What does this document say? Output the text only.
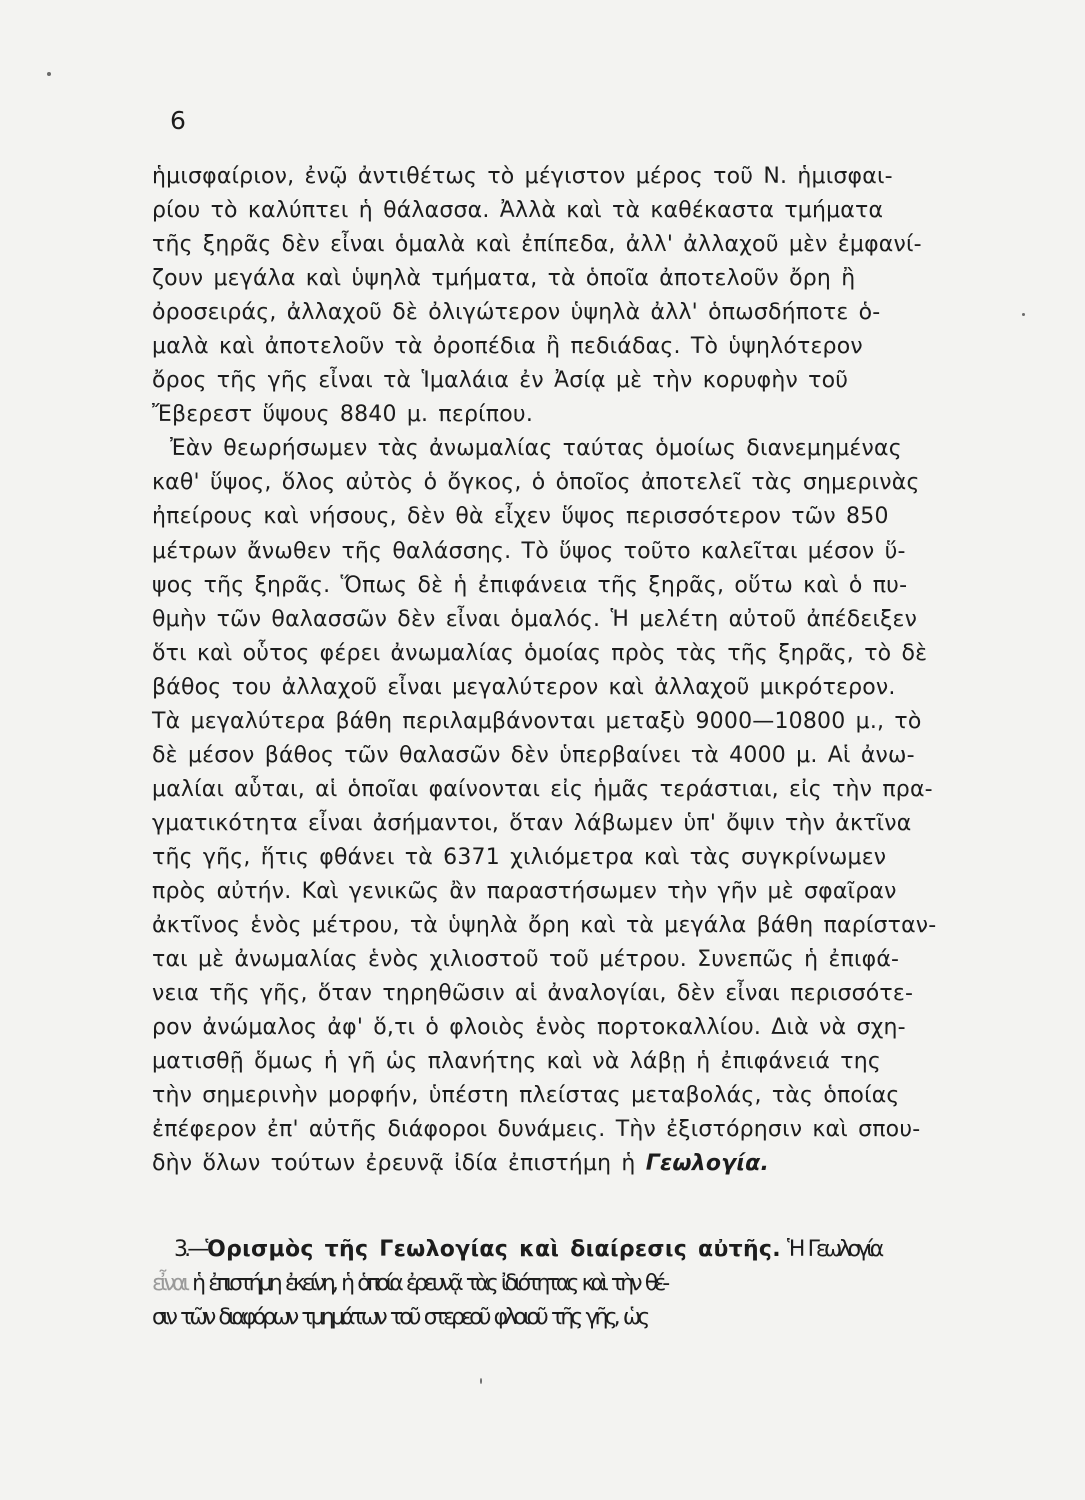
6
ἡμισφαίριον, ἐνῷ ἀντιθέτως τὸ μέγιστον μέρος τοῦ Ν. ἡμισφαι-
ρίου τὸ καλύπτει ἡ θάλασσα. Ἀλλὰ καὶ τὰ καθέκαστα τμήματα
τῆς ξηρᾶς δὲν εἶναι ὁμαλὰ καὶ ἐπίπεδα, ἀλλ' ἀλλαχοῦ μὲν ἐμφανί-
ζουν μεγάλα καὶ ὑψηλὰ τμήματα, τὰ ὁποῖα ἀποτελοῦν ὄρη ἢ
ὀροσειράς, ἀλλαχοῦ δὲ ὀλιγώτερον ὑψηλὰ ἀλλ' ὁπωσδήποτε ὁ-
μαλὰ καὶ ἀποτελοῦν τὰ ὀροπέδια ἢ πεδιάδας. Τὸ ὑψηλότερον
ὄρος τῆς γῆς εἶναι τὰ Ἱμαλάια ἐν Ἀσίᾳ μὲ τὴν κορυφὴν τοῦ
Ἔβερεστ ὕψους 8840 μ. περίπου.
Ἐὰν θεωρήσωμεν τὰς ἀνωμαλίας ταύτας ὁμοίως διανεμημένας
καθ' ὕψος, ὅλος αὐτὸς ὁ ὄγκος, ὁ ὁποῖος ἀποτελεῖ τὰς σημερινὰς
ἠπείρους καὶ νήσους, δὲν θὰ εἶχεν ὕψος περισσότερον τῶν 850
μέτρων ἄνωθεν τῆς θαλάσσης. Τὸ ὕψος τοῦτο καλεῖται μέσον ὕ-
ψος τῆς ξηρᾶς. Ὅπως δὲ ἡ ἐπιφάνεια τῆς ξηρᾶς, οὕτω καὶ ὁ πυ-
θμὴν τῶν θαλασσῶν δὲν εἶναι ὁμαλός. Ἡ μελέτη αὐτοῦ ἀπέδειξεν
ὅτι καὶ οὗτος φέρει ἀνωμαλίας ὁμοίας πρὸς τὰς τῆς ξηρᾶς, τὸ δὲ
βάθος του ἀλλαχοῦ εἶναι μεγαλύτερον καὶ ἀλλαχοῦ μικρότερον.
Τὰ μεγαλύτερα βάθη περιλαμβάνονται μεταξὺ 9000—10800 μ., τὸ
δὲ μέσον βάθος τῶν θαλασῶν δὲν ὑπερβαίνει τὰ 4000 μ. Αἱ ἀνω-
μαλίαι αὗται, αἱ ὁποῖαι φαίνονται εἰς ἡμᾶς τεράστιαι, εἰς τὴν πρα-
γματικότητα εἶναι ἀσήμαντοι, ὅταν λάβωμεν ὑπ' ὄψιν τὴν ἀκτῖνα
τῆς γῆς, ἥτις φθάνει τὰ 6371 χιλιόμετρα καὶ τὰς συγκρίνωμεν
πρὸς αὐτήν. Καὶ γενικῶς ἂν παραστήσωμεν τὴν γῆν μὲ σφαῖραν
ἀκτῖνος ἑνὸς μέτρου, τὰ ὑψηλὰ ὄρη καὶ τὰ μεγάλα βάθη παρίσταν-
ται μὲ ἀνωμαλίας ἑνὸς χιλιοστοῦ τοῦ μέτρου. Συνεπῶς ἡ ἐπιφά-
νεια τῆς γῆς, ὅταν τηρηθῶσιν αἱ ἀναλογίαι, δὲν εἶναι περισσότε-
ρον ἀνώμαλος ἀφ' ὅ,τι ὁ φλοιὸς ἑνὸς πορτοκαλλίου. Διὰ νὰ σχη-
ματισθῇ ὅμως ἡ γῆ ὡς πλανήτης καὶ νὰ λάβῃ ἡ ἐπιφάνειά της
τὴν σημερινὴν μορφήν, ὑπέστη πλείστας μεταβολάς, τὰς ὁποίας
ἐπέφερον ἐπ' αὐτῆς διάφοροι δυνάμεις. Τὴν ἐξιστόρησιν καὶ σπου-
δὴν ὅλων τούτων ἐρευνᾷ ἰδία ἐπιστήμη ἡ Γεωλογία.
3.—Ὁρισμὸς τῆς Γεωλογίας καὶ διαίρεσις αὐτῆς. Ἡ Γεωλογία
εἶναι ἡ ἐπιστήμη ἐκείνη, ἡ ὁποία ἐρευνᾷ τὰς ἰδιότητας καὶ τὴν θέ-
σιν τῶν διαφόρων τμημάτων τοῦ στερεοῦ φλοιοῦ τῆς γῆς, ὡς
